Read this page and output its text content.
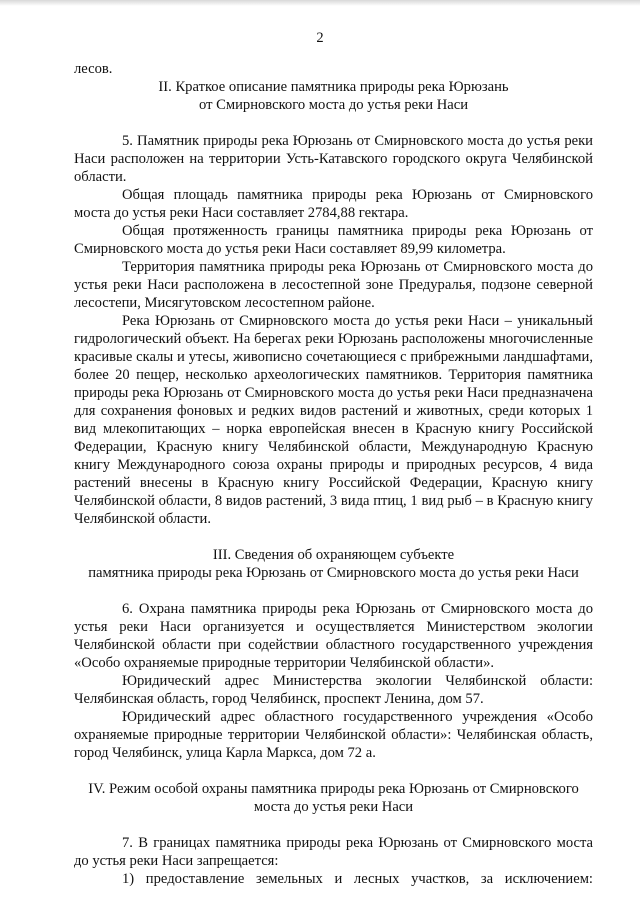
2

лесов.

II. Краткое описание памятника природы река Юрюзань

от Смирновского моста до устья реки Наси

5. Памятник природы река Юрюзань от Смирновского моста до устья реки Наси расположен на территории Усть-Катавского городского округа Челябинской области.

Общая площадь памятника природы река Юрюзань от Смирновского моста до устья реки Наси составляет 2784,88 гектара.

Общая протяженность границы памятника природы река Юрюзань от Смирновского моста до устья реки Наси составляет 89,99 километра.

Территория памятника природы река Юрюзань от Смирновского моста до устья реки Наси расположена в лесостепной зоне Предуралья, подзоне северной лесостепи, Мисягутовском лесостепном районе.

Река Юрюзань от Смирновского моста до устья реки Наси – уникальный гидрологический объект. На берегах реки Юрюзань расположены многочисленные красивые скалы и утесы, живописно сочетающиеся с прибрежными ландшафтами, более 20 пещер, несколько археологических памятников. Территория памятника природы река Юрюзань от Смирновского моста до устья реки Наси предназначена для сохранения фоновых и редких видов растений и животных, среди которых 1 вид млекопитающих – норка европейская внесен в Красную книгу Российской Федерации, Красную книгу Челябинской области, Международную Красную книгу Международного союза охраны природы и природных ресурсов, 4 вида растений внесены в Красную книгу Российской Федерации, Красную книгу Челябинской области, 8 видов растений, 3 вида птиц, 1 вид рыб – в Красную книгу Челябинской области.

III. Сведения об охраняющем субъекте

памятника природы река Юрюзань от Смирновского моста до устья реки Наси

6. Охрана памятника природы река Юрюзань от Смирновского моста до устья реки Наси организуется и осуществляется Министерством экологии Челябинской области при содействии областного государственного учреждения «Особо охраняемые природные территории Челябинской области».

Юридический адрес Министерства экологии Челябинской области: Челябинская область, город Челябинск, проспект Ленина, дом 57.

Юридический адрес областного государственного учреждения «Особо охраняемые природные территории Челябинской области»: Челябинская область, город Челябинск, улица Карла Маркса, дом 72 а.

IV. Режим особой охраны памятника природы река Юрюзань от Смирновского

моста до устья реки Наси

7. В границах памятника природы река Юрюзань от Смирновского моста до устья реки Наси запрещается:

1) предоставление земельных и лесных участков, за исключением:
